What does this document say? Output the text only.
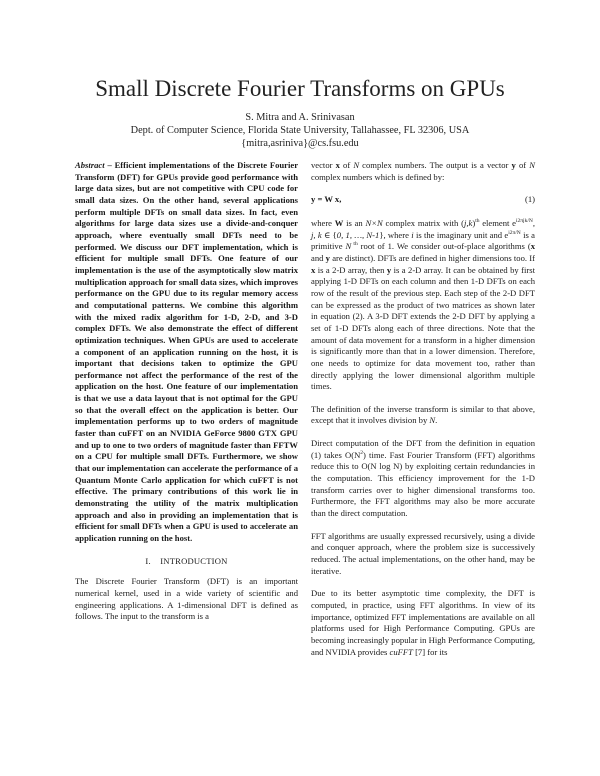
Small Discrete Fourier Transforms on GPUs
S. Mitra and A. Srinivasan
Dept. of Computer Science, Florida State University, Tallahassee, FL 32306, USA
{mitra,asriniva}@cs.fsu.edu

Abstract – Efficient implementations of the Discrete Fourier Transform (DFT) for GPUs provide good performance with large data sizes, but are not competitive with CPU code for small data sizes. On the other hand, several applications perform multiple DFTs on small data sizes. In fact, even algorithms for large data sizes use a divide-and-conquer approach, where eventually small DFTs need to be performed. We discuss our DFT implementation, which is efficient for multiple small DFTs. One feature of our implementation is the use of the asymptotically slow matrix multiplication approach for small data sizes, which improves performance on the GPU due to its regular memory access and computational patterns. We combine this algorithm with the mixed radix algorithm for 1-D, 2-D, and 3-D complex DFTs. We also demonstrate the effect of different optimization techniques. When GPUs are used to accelerate a component of an application running on the host, it is important that decisions taken to optimize the GPU performance not affect the performance of the rest of the application on the host. One feature of our implementation is that we use a data layout that is not optimal for the GPU so that the overall effect on the application is better. Our implementation performs up to two orders of magnitude faster than cuFFT on an NVIDIA GeForce 9800 GTX GPU and up to one to two orders of magnitude faster than FFTW on a CPU for multiple small DFTs. Furthermore, we show that our implementation can accelerate the performance of a Quantum Monte Carlo application for which cuFFT is not effective. The primary contributions of this work lie in demonstrating the utility of the matrix multiplication approach and also in providing an implementation that is efficient for small DFTs when a GPU is used to accelerate an application running on the host.

I.    INTRODUCTION

The Discrete Fourier Transform (DFT) is an important numerical kernel, used in a wide variety of scientific and engineering applications. A 1-dimensional DFT is defined as follows. The input to the transform is a

vector x of N complex numbers. The output is a vector y of N complex numbers which is defined by:

y = W x,	(1)

where W is an N×N complex matrix with $(j,k)^{th}$ element $e^{i2\pi jk/N}$, j, k ∈ {0, 1, …, N-1}, where i is the imaginary unit and $e^{i2\pi/N}$ is a primitive N $^{th}$ root of 1. We consider out-of-place algorithms (x and y are distinct). DFTs are defined in higher dimensions too. If x is a 2-D array, then y is a 2-D array. It can be obtained by first applying 1-D DFTs on each column and then 1-D DFTs on each row of the result of the previous step. Each step of the 2-D DFT can be expressed as the product of two matrices as shown later in equation (2). A 3-D DFT extends the 2-D DFT by applying a set of 1-D DFTs along each of three directions. Note that the amount of data movement for a transform in a higher dimension is significantly more than that in a lower dimension. Therefore, one needs to optimize for data movement too, rather than directly applying the lower dimensional algorithm multiple times.

The definition of the inverse transform is similar to that above, except that it involves division by N.

Direct computation of the DFT from the definition in equation (1) takes $O(N^2)$ time. Fast Fourier Transform (FFT) algorithms reduce this to O(N log N) by exploiting certain redundancies in the computation. This efficiency improvement for the 1-D transform carries over to higher dimensional transforms too. Furthermore, the FFT algorithms may also be more accurate than the direct computation.

FFT algorithms are usually expressed recursively, using a divide and conquer approach, where the problem size is successively reduced. The actual implementations, on the other hand, may be iterative.

Due to its better asymptotic time complexity, the DFT is computed, in practice, using FFT algorithms. In view of its importance, optimized FFT implementations are available on all platforms used for High Performance Computing. GPUs are becoming increasingly popular in High Performance Computing, and NVIDIA provides cuFFT [7] for its
